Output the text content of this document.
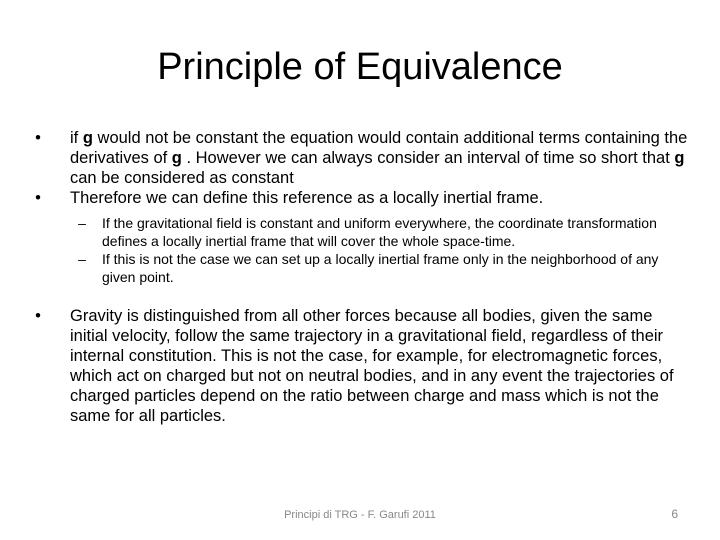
Principle of Equivalence

•	if g would not be constant the equation would contain additional terms containing the derivatives of g . However we can always consider an interval of time so short that g can be considered as constant

•	Therefore we can define this reference as a locally inertial frame.

–	If the gravitational field is constant and uniform everywhere, the coordinate transformation defines a locally inertial frame that will cover the whole space-time.

–	If this is not the case we can set up a locally inertial frame only in the neighborhood of any given point.

•	Gravity is distinguished from all other forces because all bodies, given the same initial velocity, follow the same trajectory in a gravitational field, regardless of their internal constitution. This is not the case, for example, for electromagnetic forces, which act on charged but not on neutral bodies, and in any event the trajectories of charged particles depend on the ratio between charge and mass which is not the same for all particles.

Principi di TRG - F. Garufi 2011	6
